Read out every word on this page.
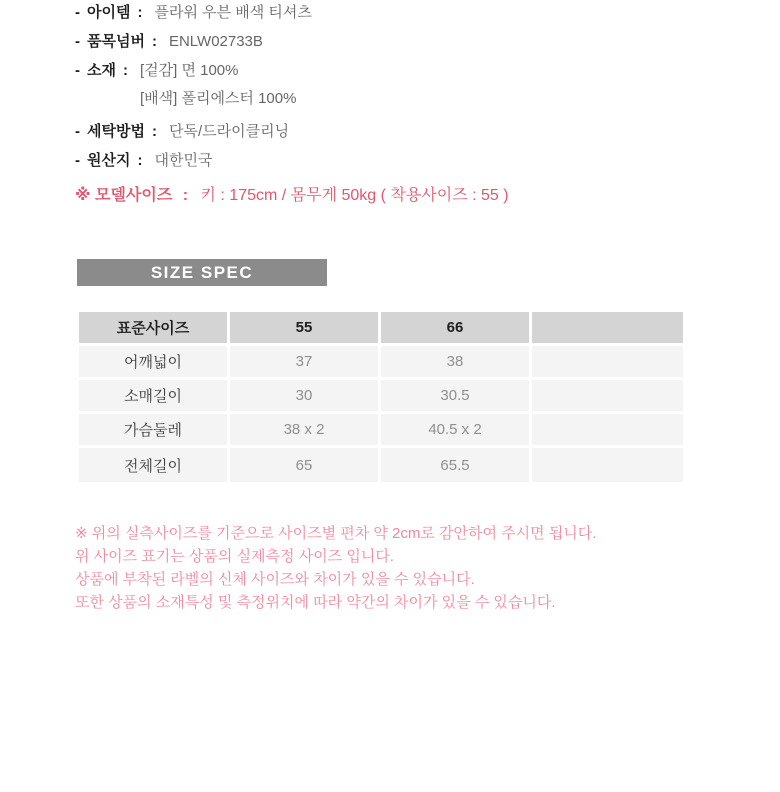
- 아이템 : 플라워 우븐 배색 티셔츠
- 품목넘버 : ENLW02733B
- 소재 : [겉감] 면 100%
[배색] 폴리에스터 100%
- 세탁방법 : 단독/드라이클리닝
- 원산지 : 대한민국
※ 모델사이즈 : 키 : 175cm / 몸무게 50kg ( 착용사이즈 : 55 )
SIZE SPEC
표준사이즈	55	66	
어깨넓이	37	38	
소매길이	30	30.5	
가슴둘레	38 x 2	40.5 x 2	
전체길이	65	65.5	
※ 위의 실측사이즈를 기준으로 사이즈별 편차 약 2cm로 감안하여 주시면 됩니다.
위 사이즈 표기는 상품의 실제측정 사이즈 입니다.
상품에 부착된 라벨의 신체 사이즈와 차이가 있을 수 있습니다.
또한 상품의 소재특성 및 측정위치에 따라 약간의 차이가 있을 수 있습니다.
